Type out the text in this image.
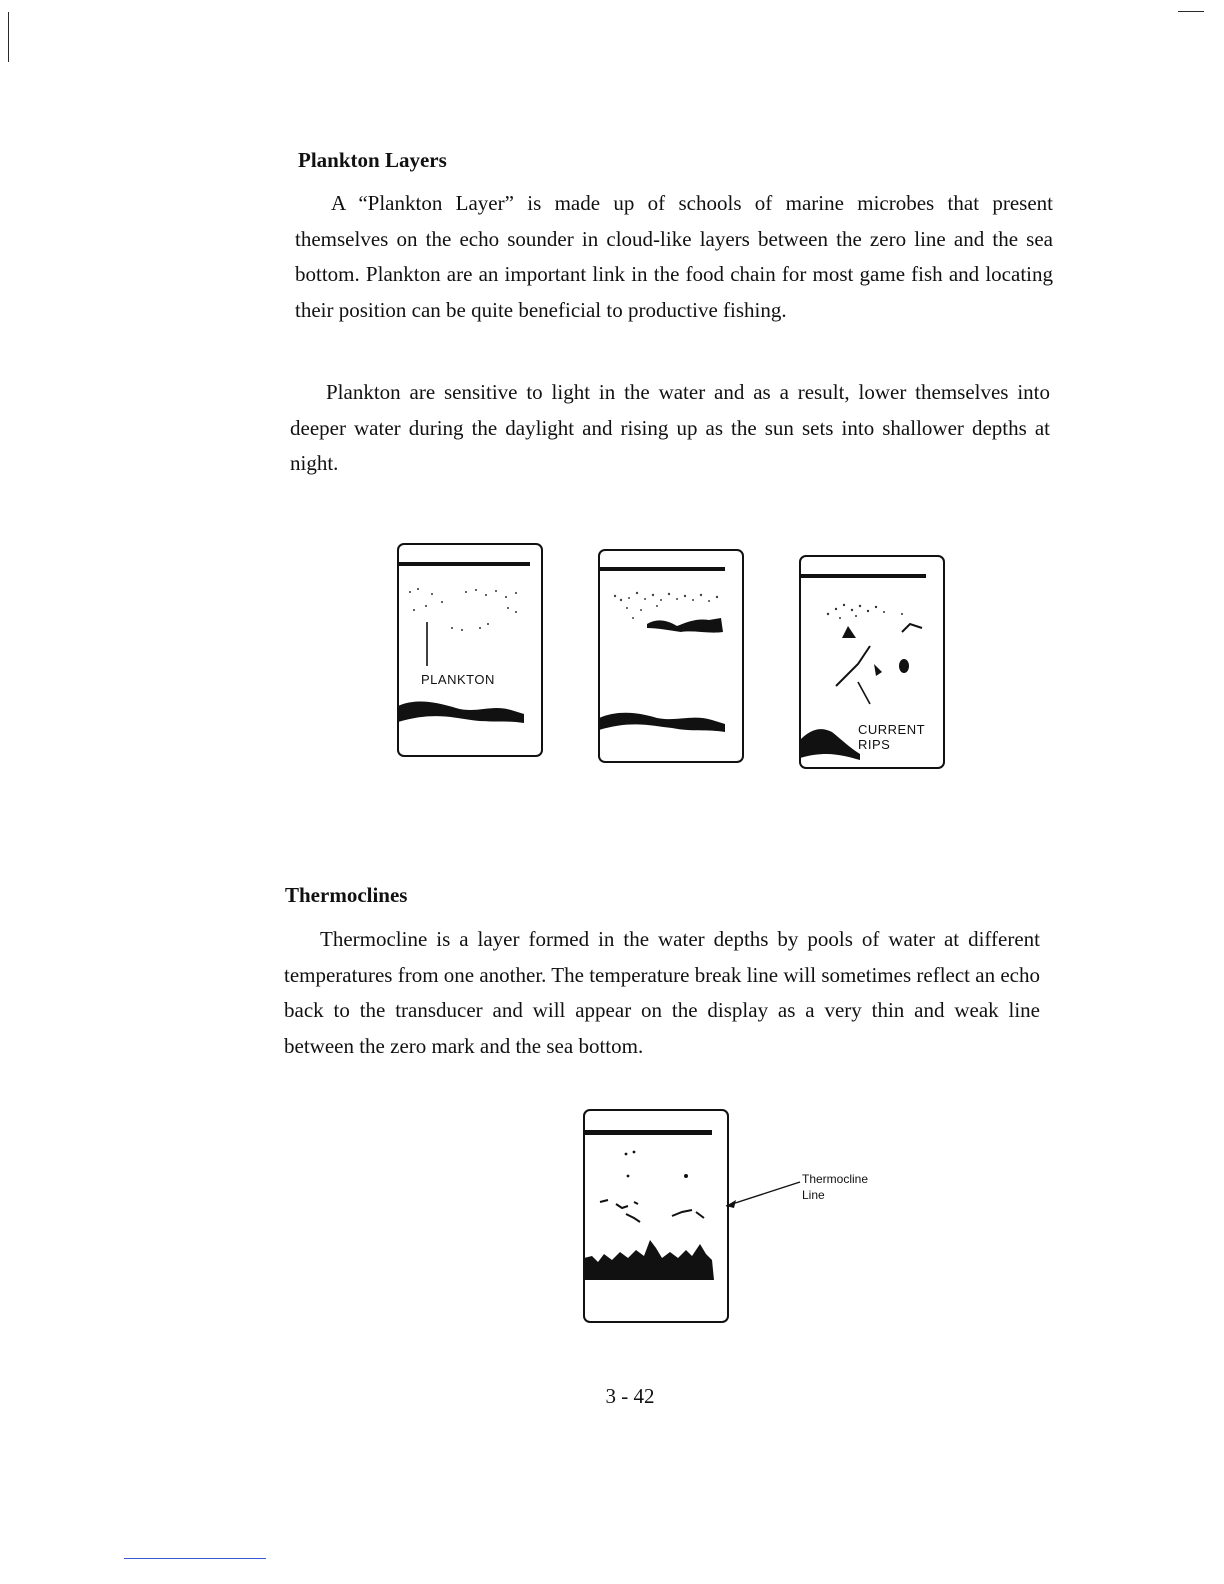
Plankton Layers

A “Plankton Layer” is made up of schools of marine microbes that present themselves on the echo sounder in cloud-like layers between the zero line and the sea bottom. Plankton are an important link in the food chain for most game fish and locating their position can be quite beneficial to productive fishing.

Plankton are sensitive to light in the water and as a result, lower themselves into deeper water during the daylight and rising up as the sun sets into shallower depths at night.

PLANKTON
CURRENT
RIPS
Thermoclines

Thermocline is a layer formed in the water depths by pools of water at different temperatures from one another. The temperature break line will sometimes reflect an echo back to the transducer and will appear on the display as a very thin and weak line between the zero mark and the sea bottom.

Thermocline
Line
3 - 42
